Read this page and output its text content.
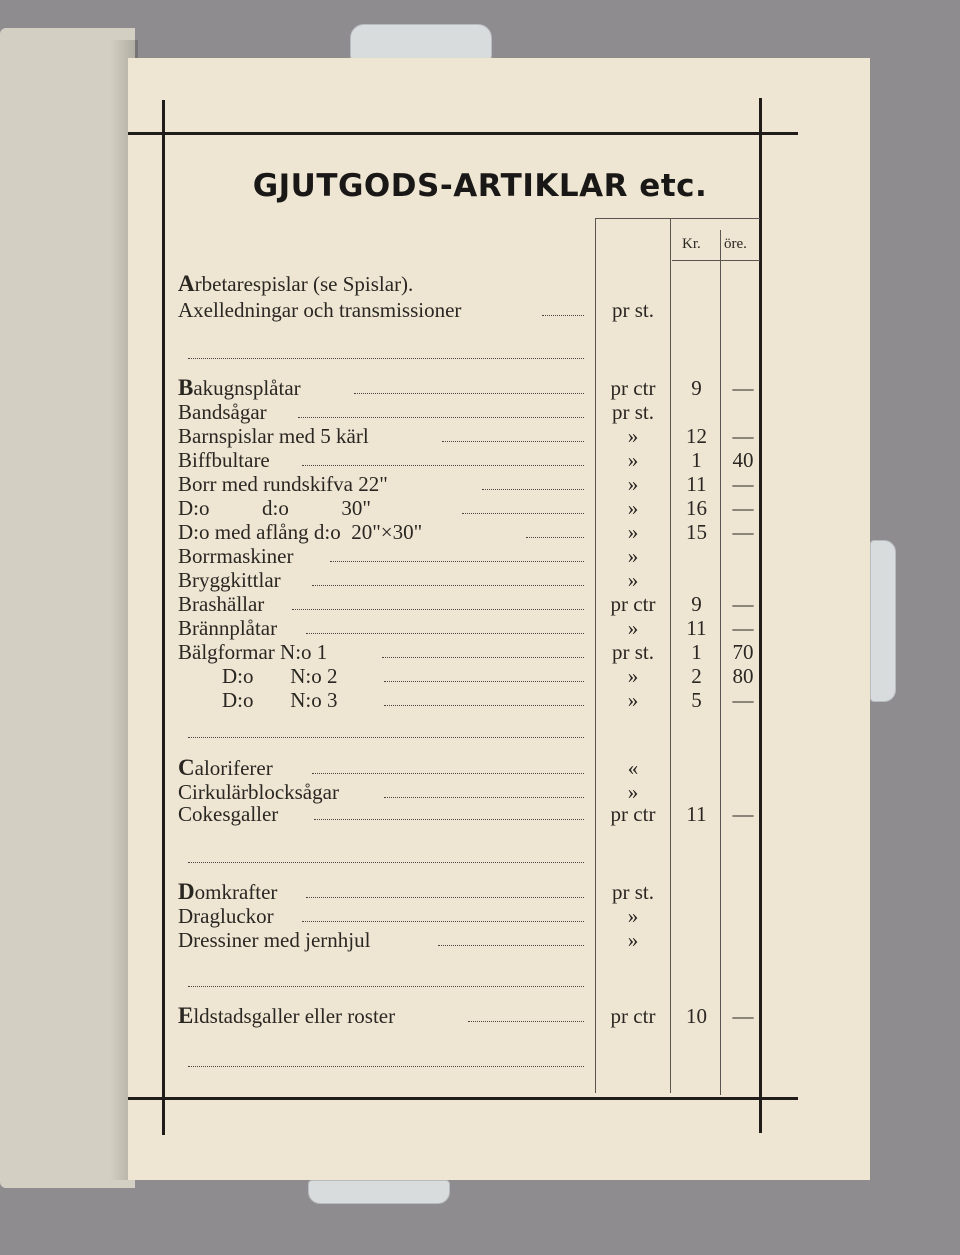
GJUTGODS-ARTIKLAR etc.
Kr. öre.
Arbetarespislar (se Spislar).
Axelledningar och transmissioner	pr st.
Bakugnsplåtar	pr ctr	9	—
Bandsågar	pr st.
Barnspislar med 5 kärl	»	12	—
Biffbultare	»	1	40
Borr med rundskifva 22"	»	11	—
D:o          d:o          30"	»	16	—
D:o med aflång d:o  20"×30"	»	15	—
Borrmaskiner	»
Bryggkittlar	»
Brashällar	pr ctr	9	—
Brännplåtar	»	11	—
Bälgformar N:o 1	pr st.	1	70
D:o       N:o 2	»	2	80
D:o       N:o 3	»	5	—
Caloriferer	«
Cirkulärblocksågar	»
Cokesgaller	pr ctr	11	—
Domkrafter	pr st.
Dragluckor	»
Dressiner med jernhjul	»
Eldstadsgaller eller roster	pr ctr	10	—
